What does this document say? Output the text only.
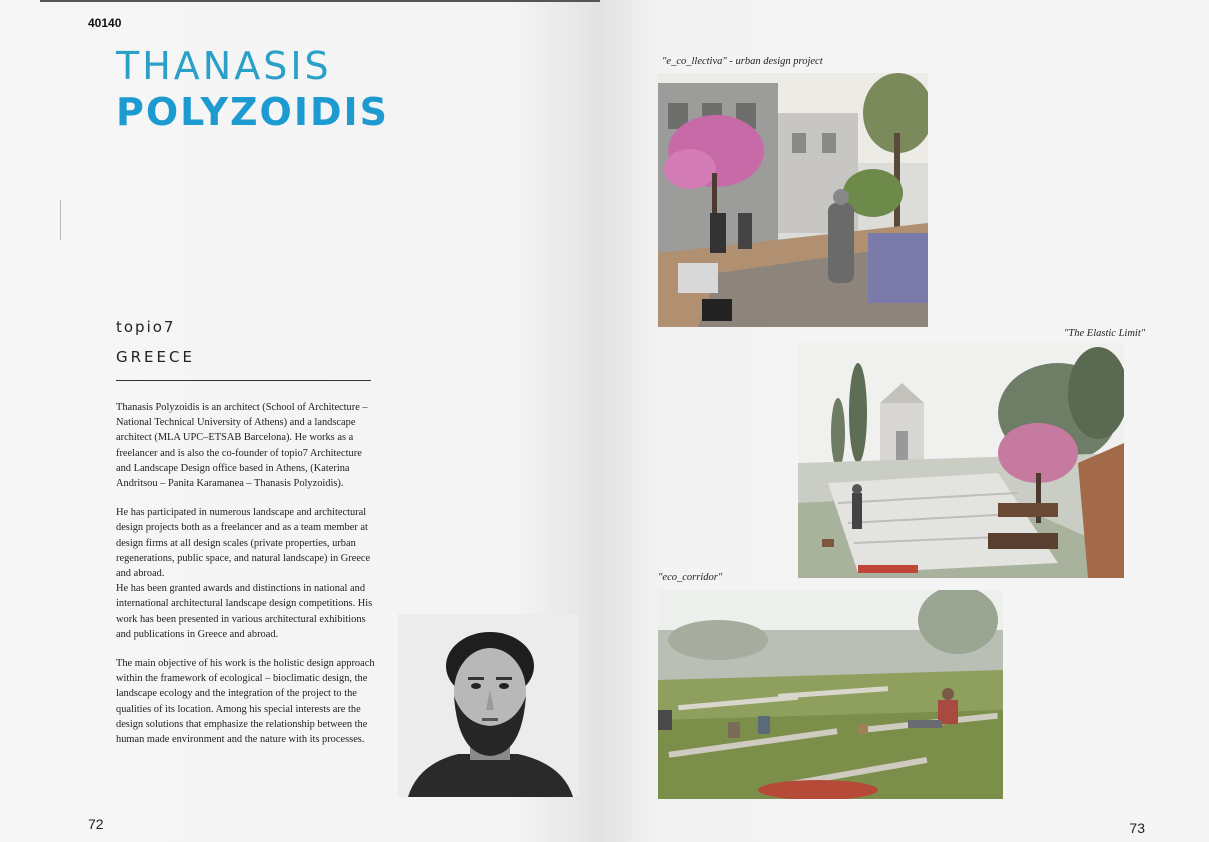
40140
THANASIS
POLYZOIDIS
topio7
GREECE

Thanasis Polyzoidis is an architect (School of Architecture – National Technical University of Athens) and a landscape architect (MLA UPC–ETSAB Barcelona). He works as a freelancer and is also the co-founder of topio7 Architecture and Landscape Design office based in Athens, (Katerina Andritsou – Panita Karamanea – Thanasis Polyzoidis).

He has participated in numerous landscape and architectural design projects both as a freelancer and as a team member at design firms at all design scales (private properties, urban regenerations, public space, and natural landscape) in Greece and abroad.

He has been granted awards and distinctions in national and international architectural landscape design competitions. His work has been presented in various architectural exhibitions and publications in Greece and abroad.

The main objective of his work is the holistic design approach within the framework of ecological – bioclimatic design, the landscape ecology and the integration of the project to the qualities of its location. Among his special interests are the design solutions that emphasize the relationship between the human made environment and the nature with its processes.

72
"e_co_llectiva" - urban design project
"The Elastic Limit"
"eco_corridor"
73
